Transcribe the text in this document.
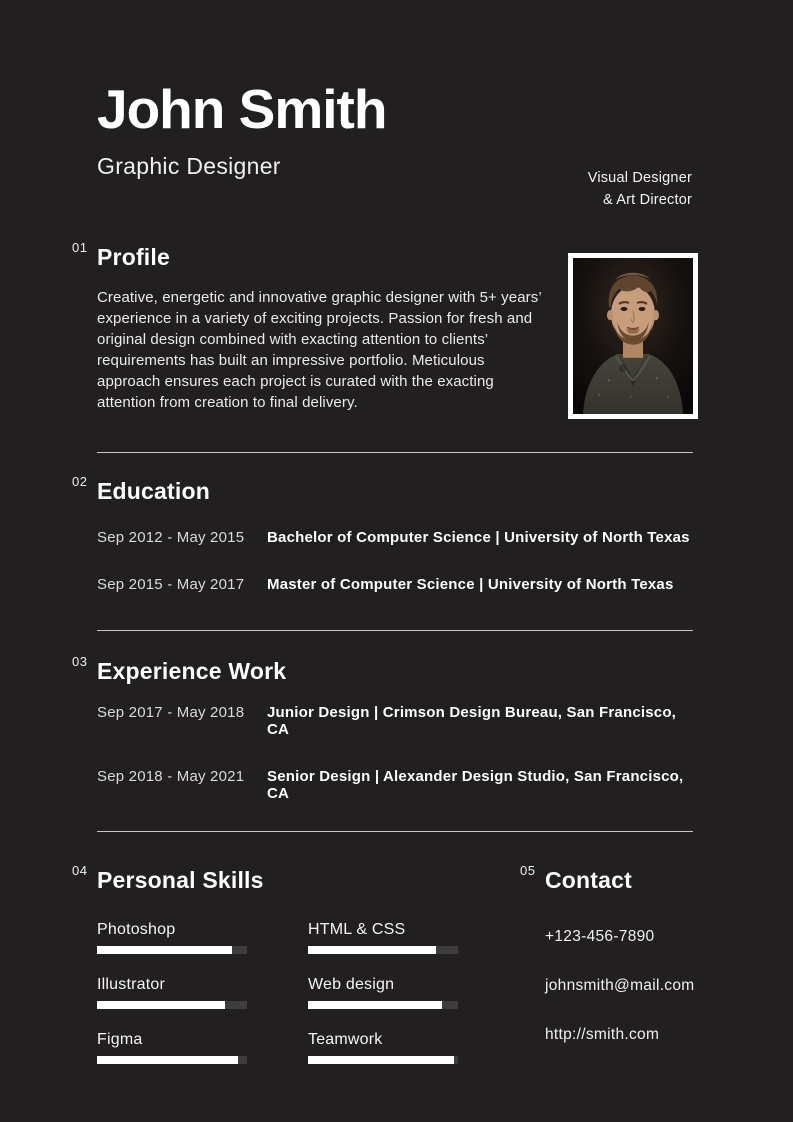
John Smith
Graphic Designer
01 Profile

Creative, energetic and innovative graphic designer with 5+ years’ experience in a variety of exciting projects. Passion for fresh and original design combined with exacting attention to clients’ requirements has built an impressive portfolio. Meticulous approach ensures each project is curated with the exacting attention from creation to final delivery.

02 Education
Sep 2012 - May 2015	Bachelor of Computer Science | University of North Texas
Sep 2015 - May 2017	Master of Computer Science | University of North Texas
03 Experience Work
Sep 2017 - May 2018	Junior Design | Crimson Design Bureau, San Francisco, CA
Sep 2018 - May 2021	Senior Design | Alexander Design Studio, San Francisco, CA
04 Personal Skills
Photoshop	HTML & CSS
Illustrator	Web design
Figma	Teamwork
05 Contact
+123-456-7890
johnsmith@mail.com
http://smith.com
Visual Designer
& Art Director
